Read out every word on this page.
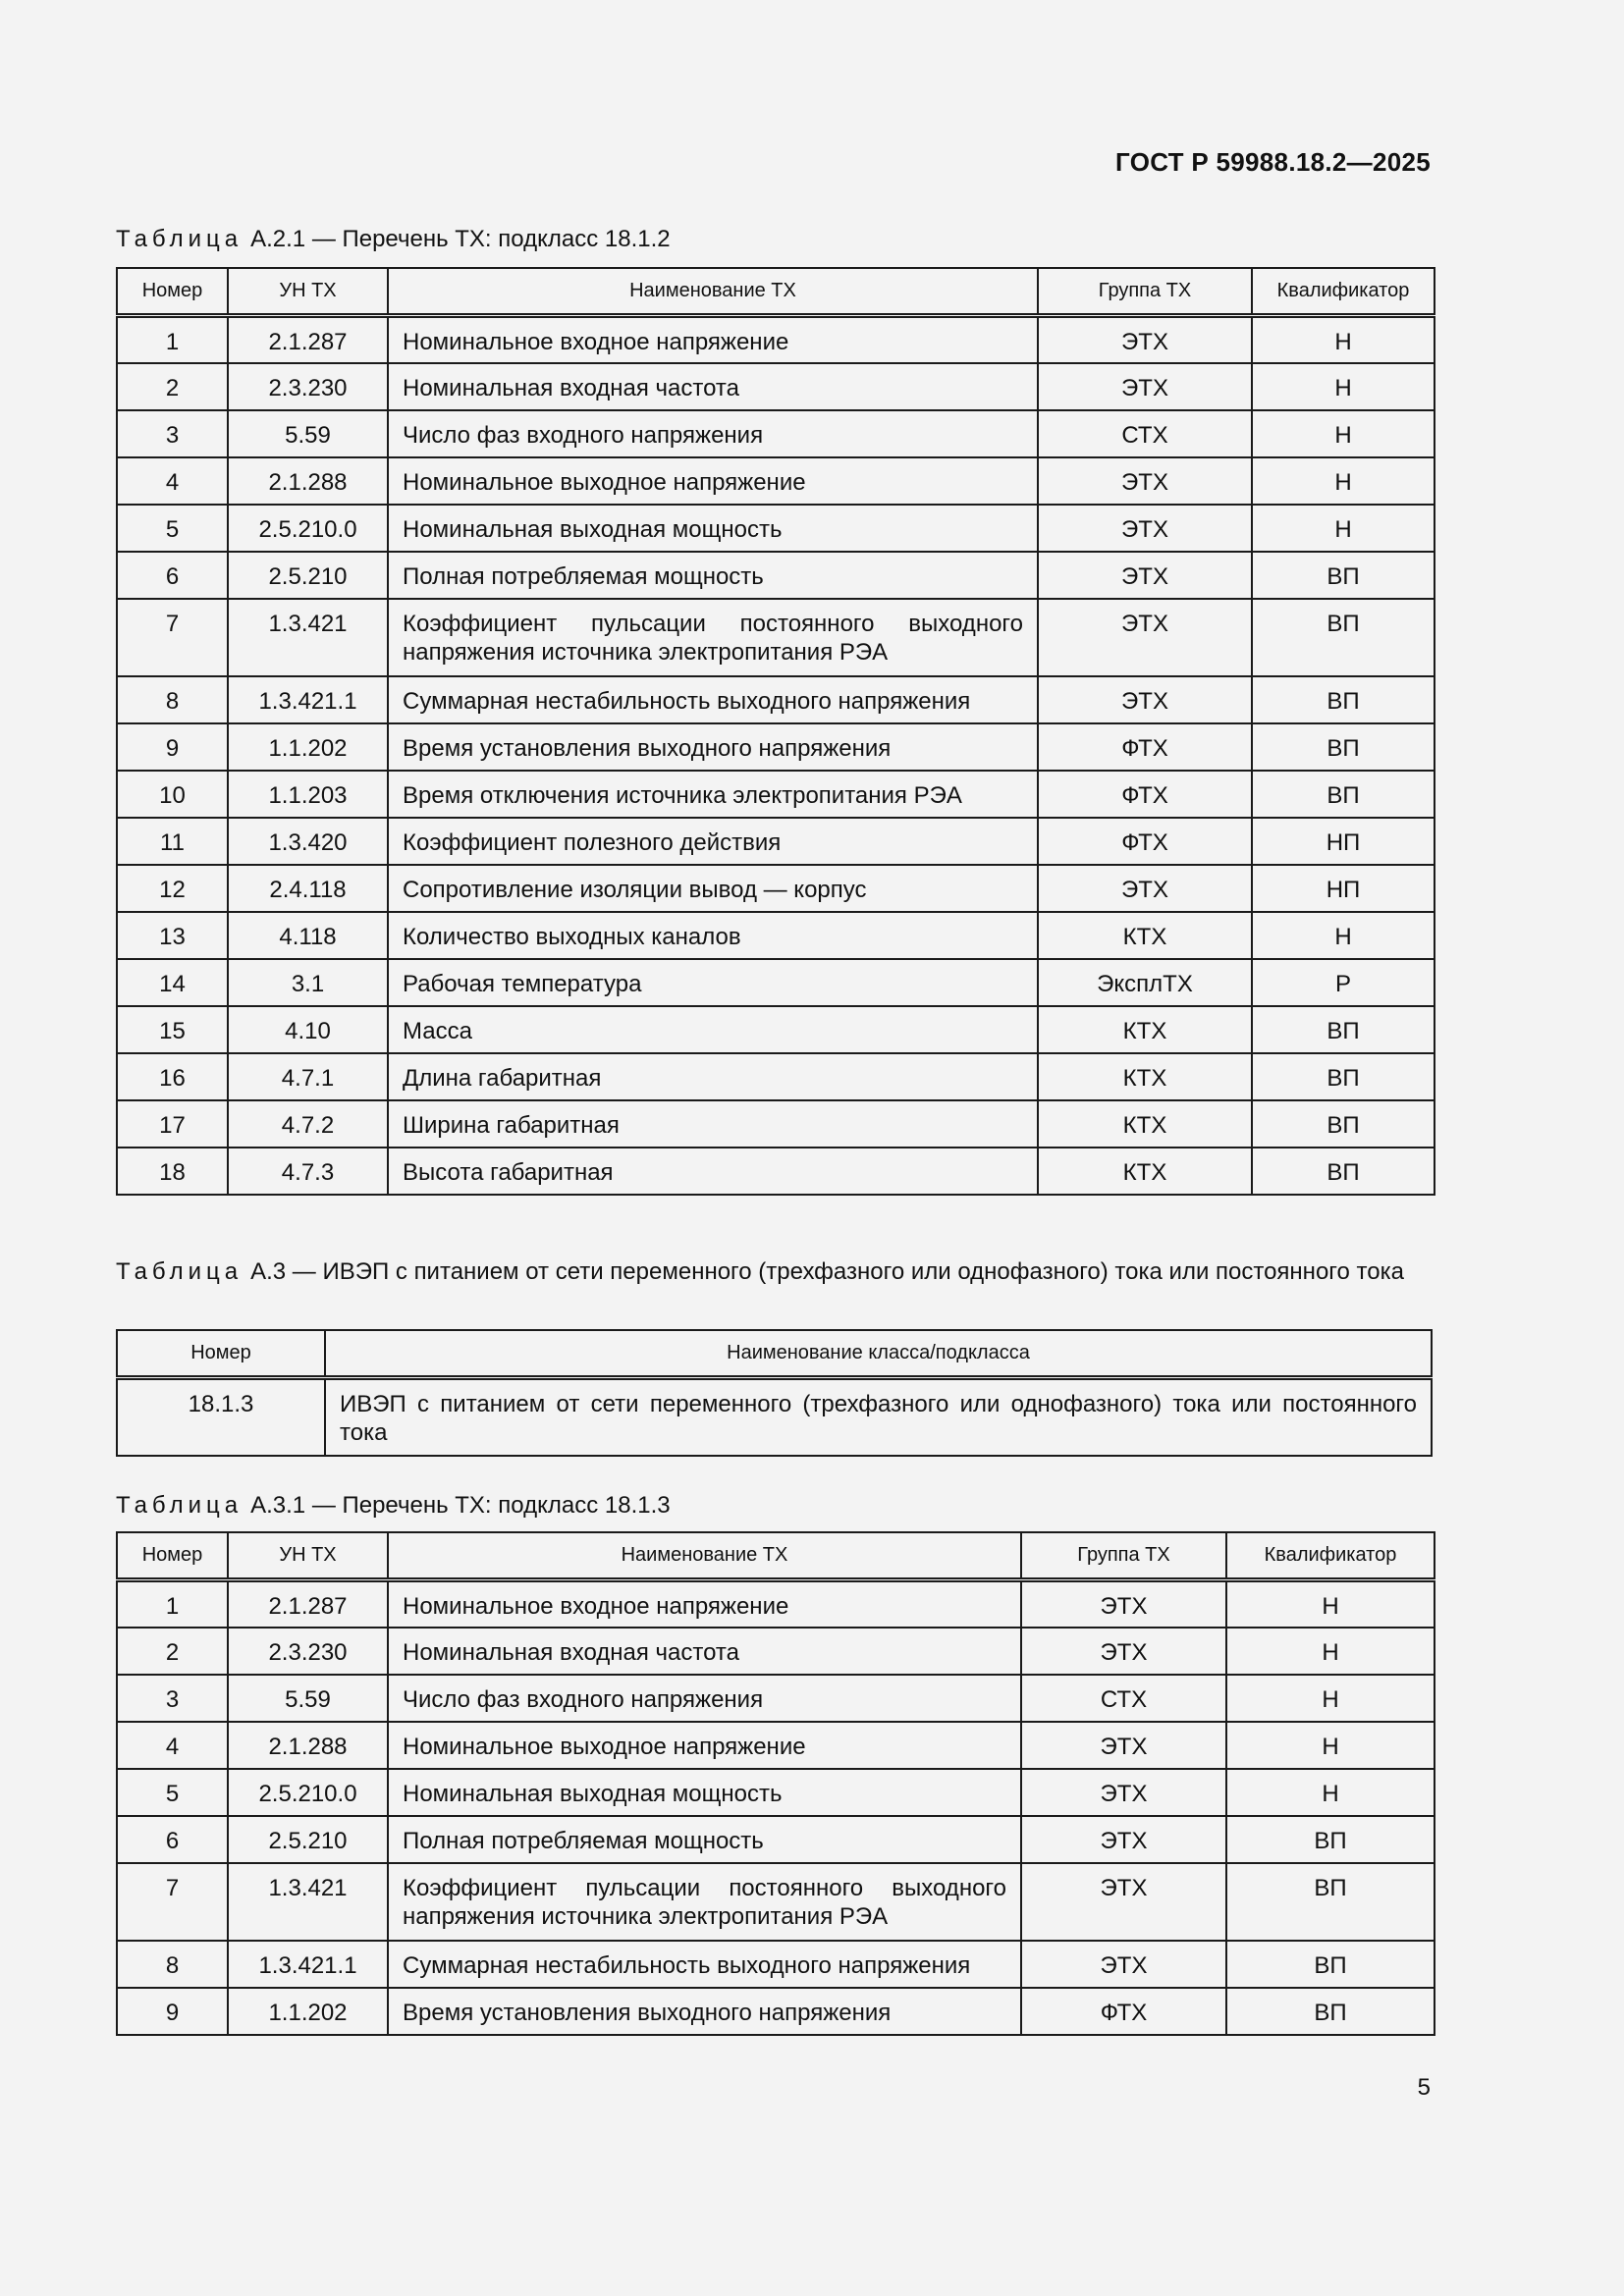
ГОСТ Р 59988.18.2—2025
Таблица А.2.1 — Перечень ТХ: подкласс 18.1.2
Номер	УН ТХ	Наименование ТХ	Группа ТХ	Квалификатор
1	2.1.287	Номинальное входное напряжение	ЭТХ	Н
2	2.3.230	Номинальная входная частота	ЭТХ	Н
3	5.59	Число фаз входного напряжения	СТХ	Н
4	2.1.288	Номинальное выходное напряжение	ЭТХ	Н
5	2.5.210.0	Номинальная выходная мощность	ЭТХ	Н
6	2.5.210	Полная потребляемая мощность	ЭТХ	ВП
7	1.3.421	Коэффициент пульсации постоянного выходного напряжения источника электропитания РЭА	ЭТХ	ВП
8	1.3.421.1	Суммарная нестабильность выходного напряжения	ЭТХ	ВП
9	1.1.202	Время установления выходного напряжения	ФТХ	ВП
10	1.1.203	Время отключения источника электропитания РЭА	ФТХ	ВП
11	1.3.420	Коэффициент полезного действия	ФТХ	НП
12	2.4.118	Сопротивление изоляции вывод — корпус	ЭТХ	НП
13	4.118	Количество выходных каналов	КТХ	Н
14	3.1	Рабочая температура	ЭксплТХ	Р
15	4.10	Масса	КТХ	ВП
16	4.7.1	Длина габаритная	КТХ	ВП
17	4.7.2	Ширина габаритная	КТХ	ВП
18	4.7.3	Высота габаритная	КТХ	ВП
Таблица А.3 — ИВЭП с питанием от сети переменного (трехфазного или однофазного) тока или постоянного тока
Номер	Наименование класса/подкласса
18.1.3	ИВЭП с питанием от сети переменного (трехфазного или однофазного) тока или постоянного тока
Таблица А.3.1 — Перечень ТХ: подкласс 18.1.3
Номер	УН ТХ	Наименование ТХ	Группа ТХ	Квалификатор
1	2.1.287	Номинальное входное напряжение	ЭТХ	Н
2	2.3.230	Номинальная входная частота	ЭТХ	Н
3	5.59	Число фаз входного напряжения	СТХ	Н
4	2.1.288	Номинальное выходное напряжение	ЭТХ	Н
5	2.5.210.0	Номинальная выходная мощность	ЭТХ	Н
6	2.5.210	Полная потребляемая мощность	ЭТХ	ВП
7	1.3.421	Коэффициент пульсации постоянного выходного напряжения источника электропитания РЭА	ЭТХ	ВП
8	1.3.421.1	Суммарная нестабильность выходного напряжения	ЭТХ	ВП
9	1.1.202	Время установления выходного напряжения	ФТХ	ВП
5
